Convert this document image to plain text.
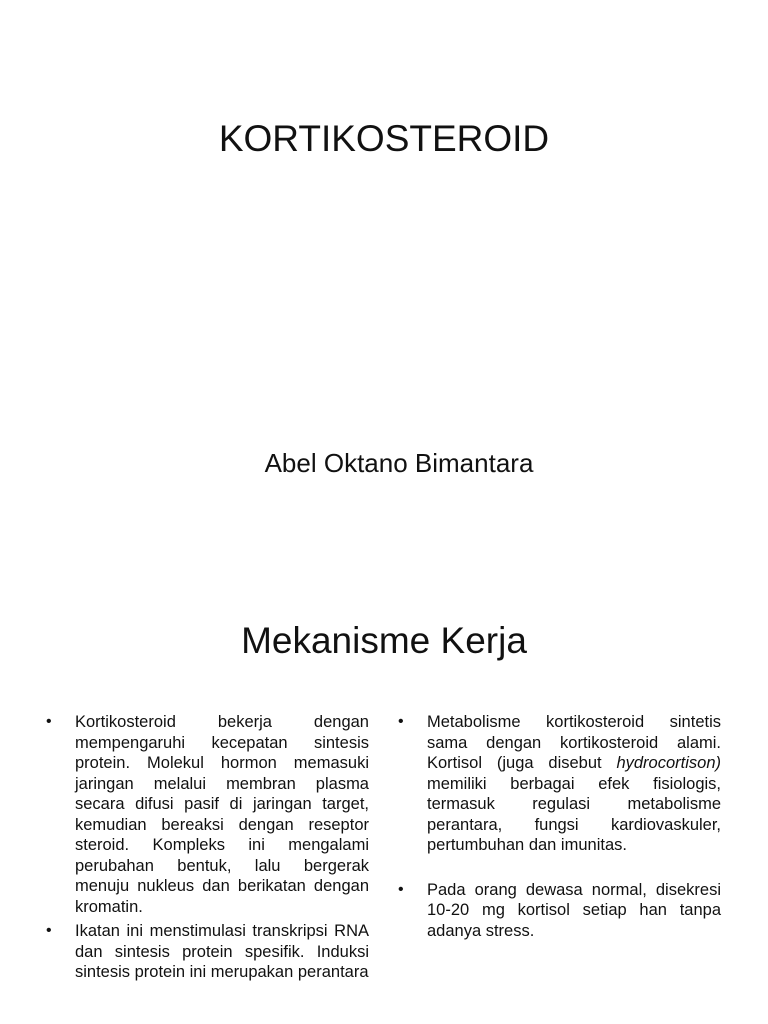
KORTIKOSTEROID

Abel Oktano Bimantara

Mekanisme Kerja
•	Kortikosteroid bekerja dengan mempengaruhi kecepatan sintesis protein. Molekul hormon memasuki jaringan melalui membran plasma secara difusi pasif di jaringan target, kemudian bereaksi dengan reseptor steroid. Kompleks ini mengalami perubahan bentuk, lalu bergerak menuju nukleus dan berikatan dengan kromatin.
•	Ikatan ini menstimulasi transkripsi RNA dan sintesis protein spesifik. Induksi sintesis protein ini merupakan perantara
•	Metabolisme kortikosteroid sintetis sama dengan kortikosteroid alami. Kortisol (juga disebut hydrocortison) memiliki berbagai efek fisiologis, termasuk regulasi metabolisme perantara, fungsi kardiovaskuler, pertumbuhan dan imunitas.
•	Pada orang dewasa normal, disekresi 10-20 mg kortisol setiap han tanpa adanya stress.
